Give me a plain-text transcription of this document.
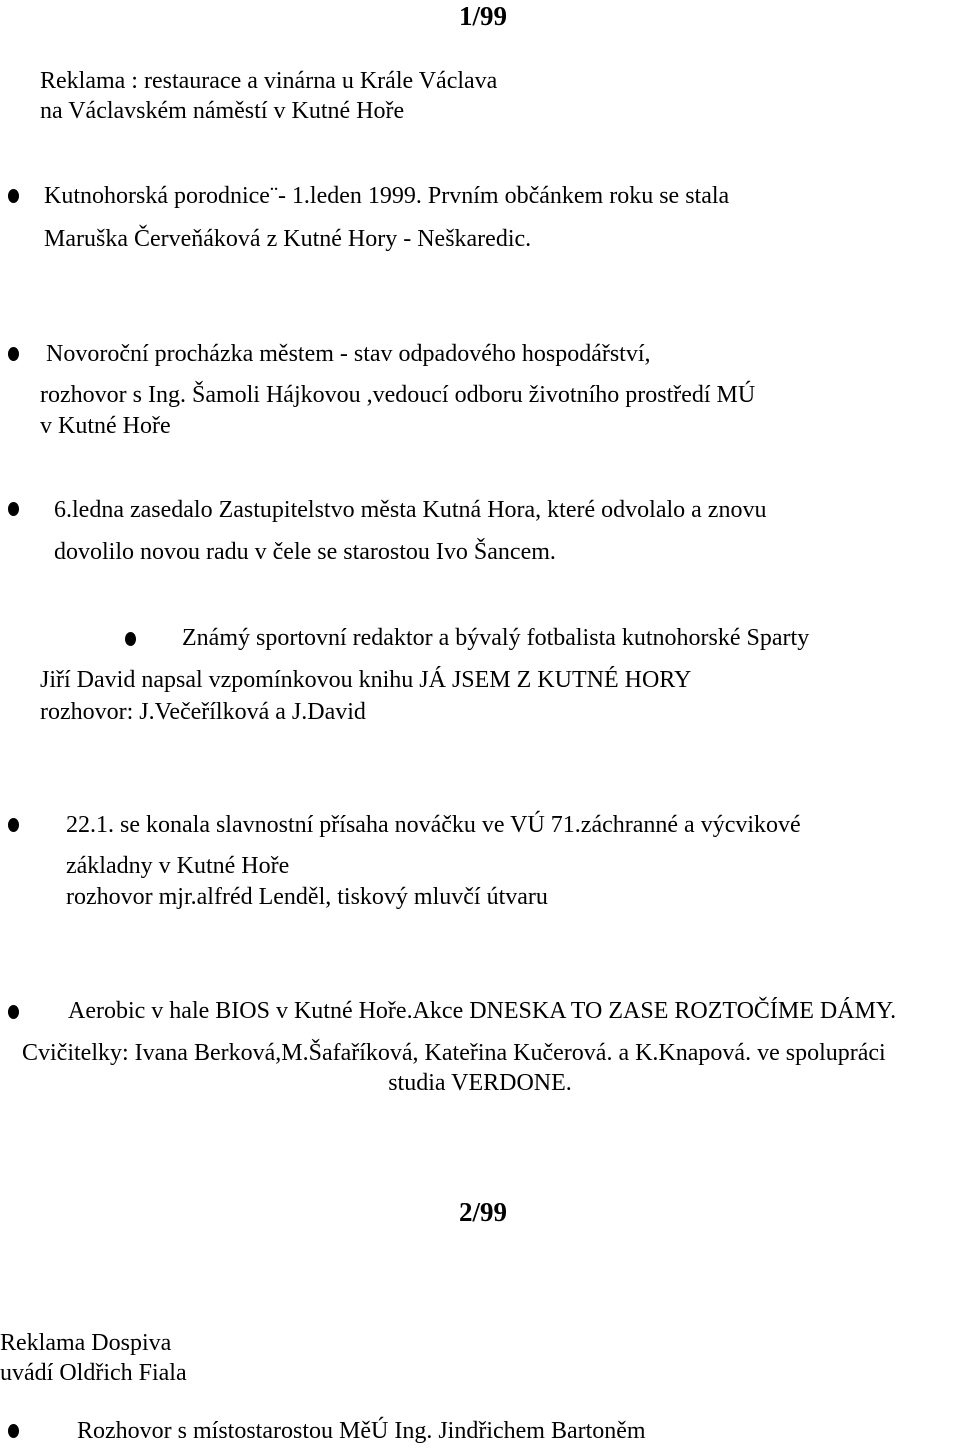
1/99
Reklama : restaurace a vinárna u Krále Václava
na Václavském náměstí v Kutné Hoře
Kutnohorská porodnice¨- 1.leden 1999. Prvním občánkem roku se stala
Maruška Červeňáková z Kutné Hory - Neškaredic.
Novoroční procházka městem - stav odpadového hospodářství,
rozhovor s Ing. Šamoli Hájkovou ,vedoucí odboru životního prostředí MÚ
v Kutné Hoře
6.ledna zasedalo Zastupitelstvo města Kutná Hora, které odvolalo a znovu
dovolilo novou radu v čele se starostou Ivo Šancem.
Známý sportovní redaktor a bývalý fotbalista kutnohorské Sparty
Jiří David napsal vzpomínkovou knihu JÁ JSEM Z KUTNÉ HORY
rozhovor: J.Večeřílková a J.David
22.1. se konala slavnostní přísaha nováčku ve VÚ 71.záchranné a výcvikové
základny v Kutné Hoře
rozhovor mjr.alfréd Lenděl, tiskový mluvčí útvaru
Aerobic v hale BIOS v Kutné Hoře.Akce DNESKA TO ZASE ROZTOČÍME DÁMY.
Cvičitelky: Ivana Berková,M.Šafaříková, Kateřina Kučerová. a K.Knapová. ve spolupráci
studia VERDONE.
2/99
Reklama Dospiva
uvádí Oldřich Fiala
Rozhovor s místostarostou MěÚ Ing. Jindřichem Bartoněm
